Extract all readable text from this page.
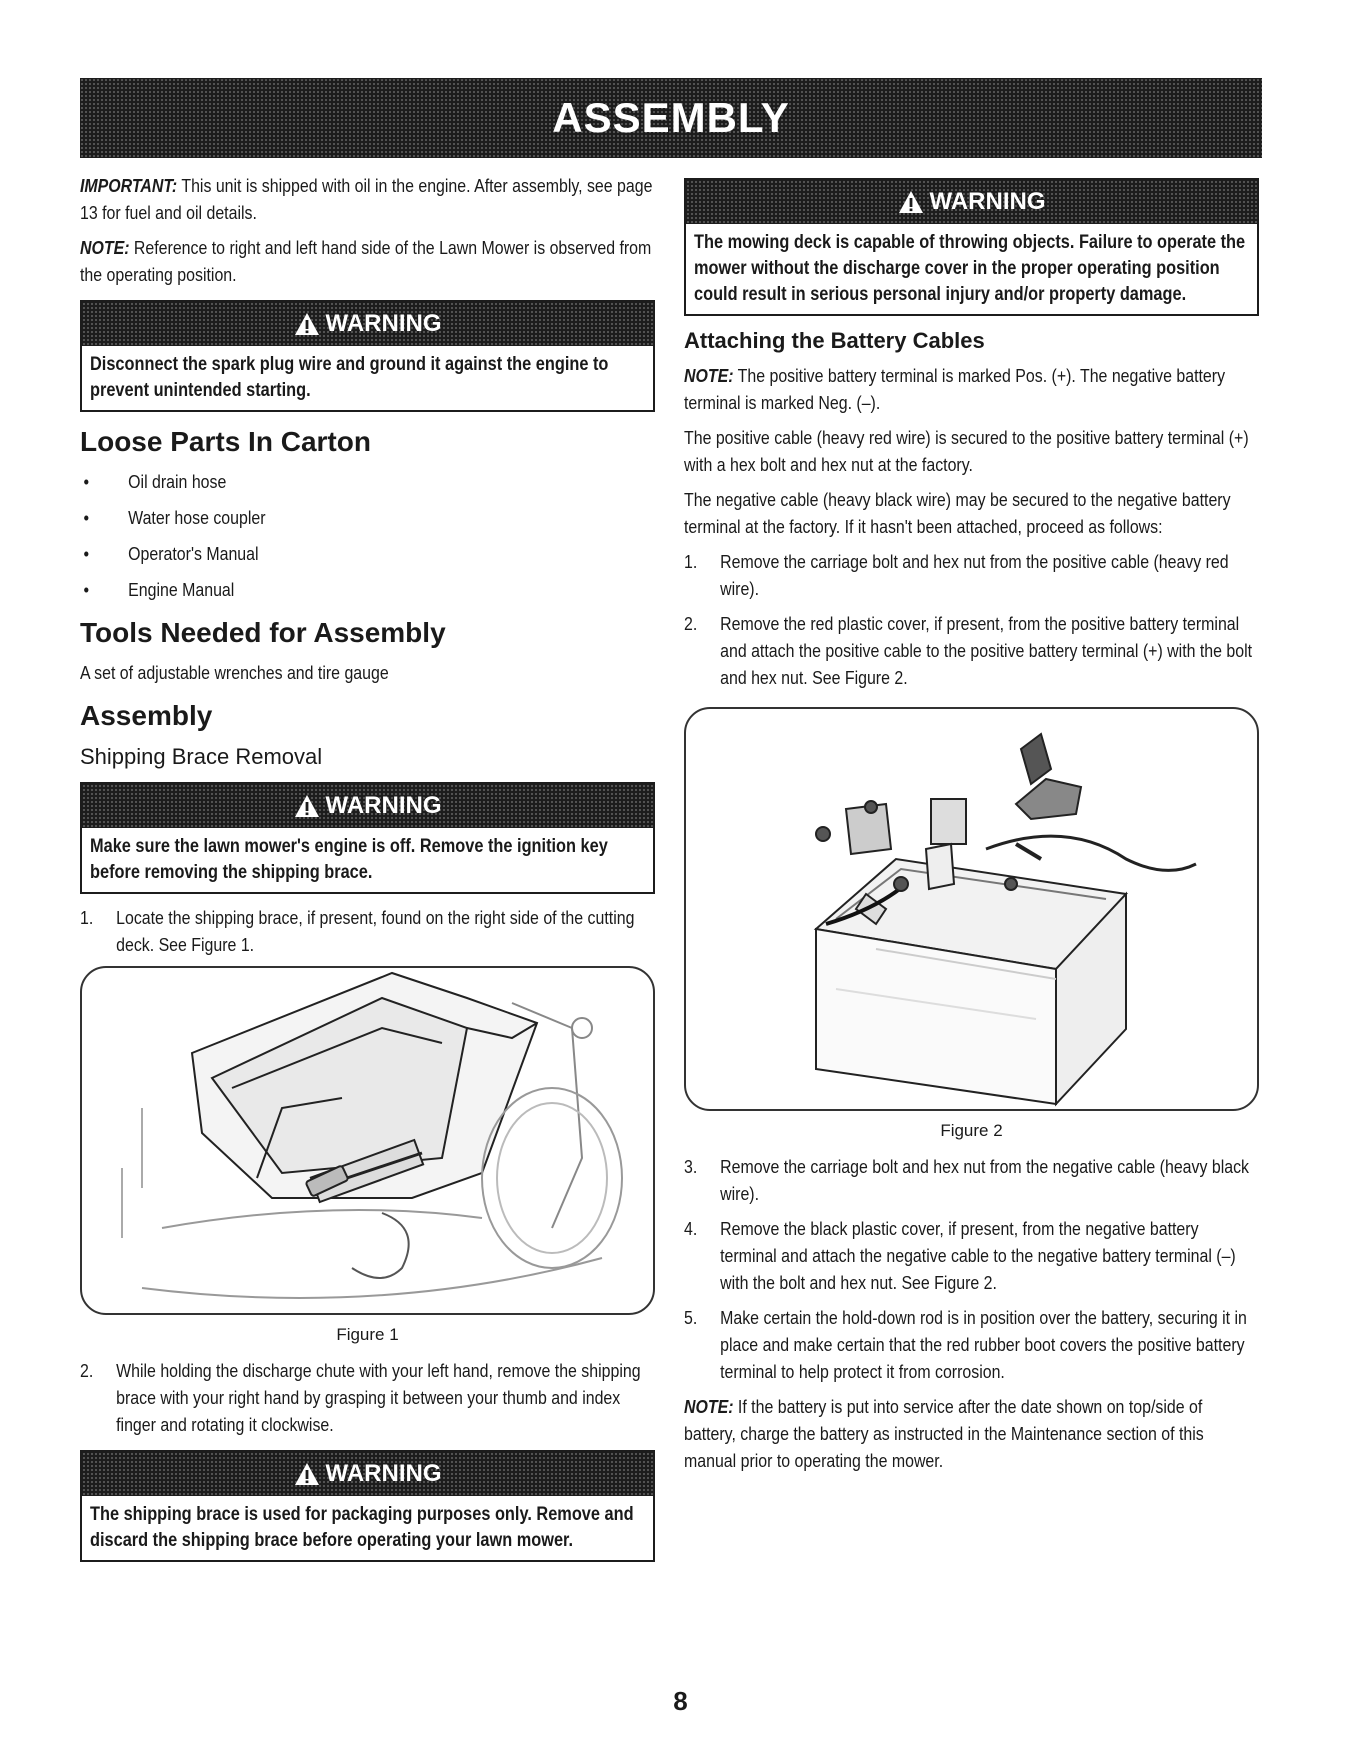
ASSEMBLY

IMPORTANT: This unit is shipped with oil in the engine. After assembly, see page 13 for fuel and oil details.

NOTE: Reference to right and left hand side of the Lawn Mower is observed from the operating position.

WARNING

Disconnect the spark plug wire and ground it against the engine to prevent unintended starting.

Loose Parts In Carton
•	Oil drain hose
•	Water hose coupler
•	Operator's Manual
•	Engine Manual
Tools Needed for Assembly

A set of adjustable wrenches and tire gauge

Assembly
Shipping Brace Removal
WARNING

Make sure the lawn mower's engine is off. Remove the ignition key before removing the shipping brace.

1.	Locate the shipping brace, if present, found on the right side of the cutting deck. See Figure 1.
Figure 1
2.	While holding the discharge chute with your left hand, remove the shipping brace with your right hand by grasping it between your thumb and index finger and rotating it clockwise.
WARNING

The shipping brace is used for packaging purposes only. Remove and discard the shipping brace before operating your lawn mower.

WARNING

The mowing deck is capable of throwing objects. Failure to operate the mower without the discharge cover in the proper operating position could result in serious personal injury and/or property damage.

Attaching the Battery Cables

NOTE: The positive battery terminal is marked Pos. (+). The negative battery terminal is marked Neg. (–).

The positive cable (heavy red wire) is secured to the positive battery terminal (+) with a hex bolt and hex nut at the factory.

The negative cable (heavy black wire) may be secured to the negative battery terminal at the factory. If it hasn't been attached, proceed as follows:

1.	Remove the carriage bolt and hex nut from the positive cable (heavy red wire).
2.	Remove the red plastic cover, if present, from the positive battery terminal and attach the positive cable to the positive battery terminal (+) with the bolt and hex nut. See Figure 2.
Figure 2
3.	Remove the carriage bolt and hex nut from the negative cable (heavy black wire).
4.	Remove the black plastic cover, if present, from the negative battery terminal and attach the negative cable to the negative battery terminal (–) with the bolt and hex nut. See Figure 2.
5.	Make certain the hold-down rod is in position over the battery, securing it in place and make certain that the red rubber boot covers the positive battery terminal to help protect it from corrosion.

NOTE: If the battery is put into service after the date shown on top/side of battery, charge the battery as instructed in the Maintenance section of this manual prior to operating the mower.

8
